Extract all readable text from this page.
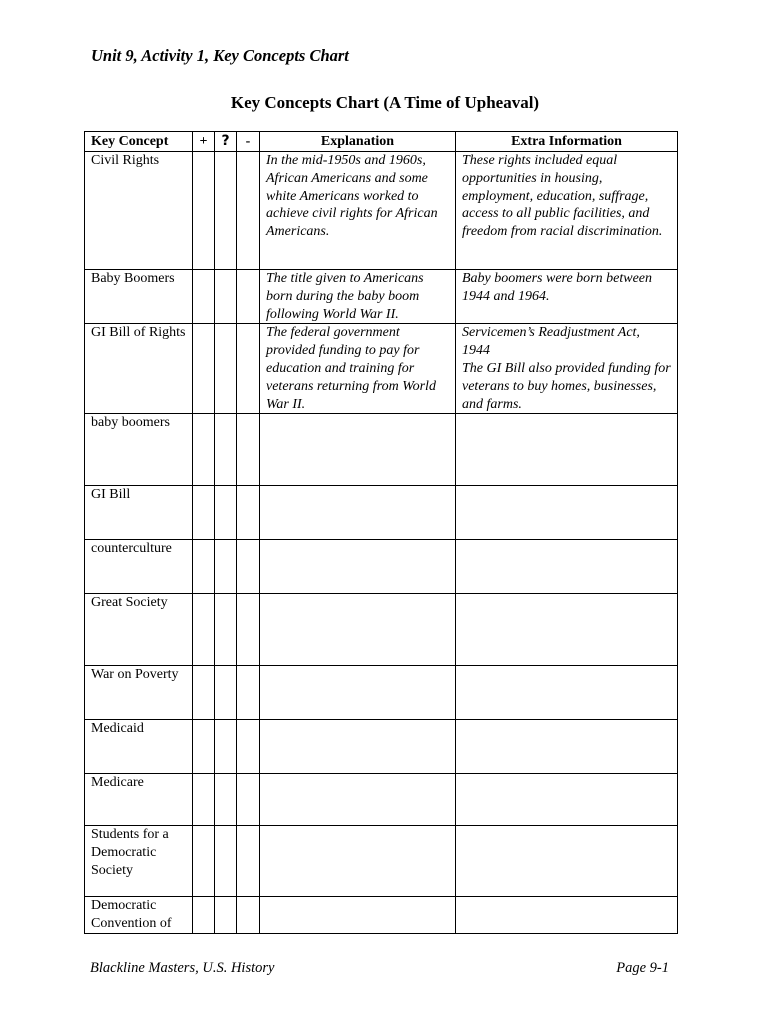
Unit 9, Activity 1, Key Concepts Chart
Key Concepts Chart (A Time of Upheaval)
Key Concept	+	?	-	Explanation	Extra Information
Civil Rights				In the mid-1950s and 1960s, African Americans and some white Americans worked to achieve civil rights for African Americans.	These rights included equal opportunities in housing, employment, education, suffrage, access to all public facilities, and freedom from racial discrimination.

Baby Boomers				The title given to Americans born during the baby boom following World War II.	Baby boomers were born between 1944 and 1964.

GI Bill of Rights				The federal government provided funding to pay for education and training for veterans returning from World War II.	Servicemen’s Readjustment Act, 1944
The GI Bill also provided funding for veterans to buy homes, businesses, and farms.

baby boomers					
GI Bill					
counterculture					
Great Society					
War on Poverty					
Medicaid					
Medicare					
Students for a Democratic Society					
Democratic Convention of					
Blackline Masters, U.S. History	Page 9-1
